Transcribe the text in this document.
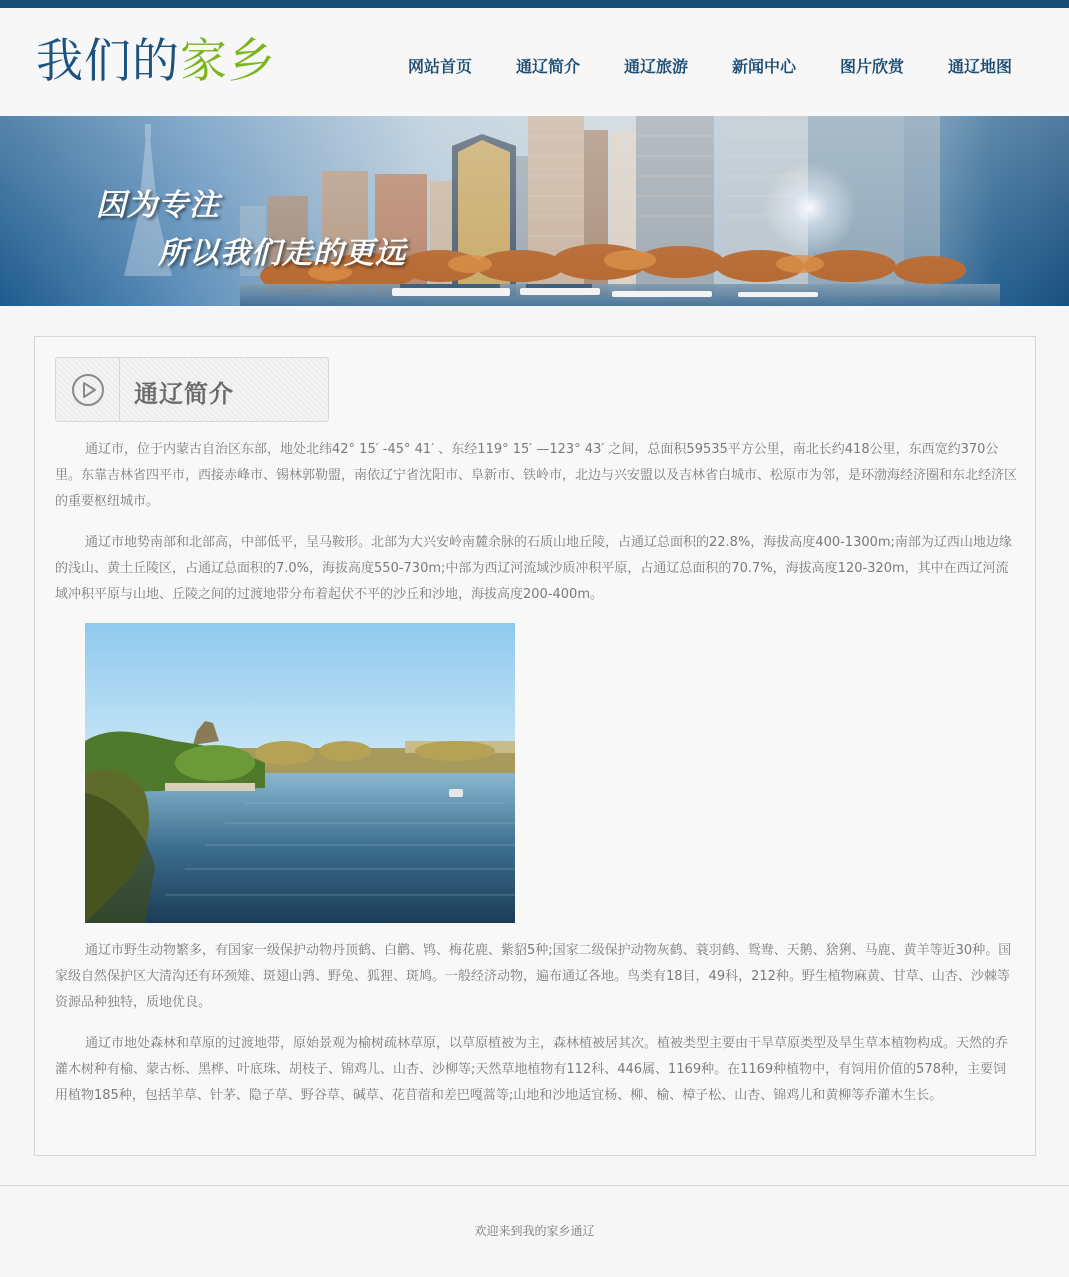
我们的家乡	网站首页	通辽简介	通辽旅游	新闻中心	图片欣赏	通辽地图
因为专注
所以我们走的更远
通辽简介

通辽市，位于内蒙古自治区东部，地处北纬42° 15′ -45° 41′ 、东经119° 15′ —123° 43′ 之间，总面积59535平方公里，南北长约418公里，东西宽约370公里。东靠吉林省四平市，西接赤峰市、锡林郭勒盟，南依辽宁省沈阳市、阜新市、铁岭市，北边与兴安盟以及吉林省白城市、松原市为邻，是环渤海经济圈和东北经济区的重要枢纽城市。

通辽市地势南部和北部高，中部低平，呈马鞍形。北部为大兴安岭南麓余脉的石质山地丘陵，占通辽总面积的22.8%，海拔高度400-1300m;南部为辽西山地边缘的浅山、黄土丘陵区，占通辽总面积的7.0%，海拔高度550-730m;中部为西辽河流域沙质冲积平原，占通辽总面积的70.7%，海拔高度120-320m，其中在西辽河流域冲积平原与山地、丘陵之间的过渡地带分布着起伏不平的沙丘和沙地，海拔高度200-400m。

通辽市野生动物繁多，有国家一级保护动物丹顶鹤、白鹳、鸨、梅花鹿、紫貂5种;国家二级保护动物灰鹤、蓑羽鹤、鸳鸯、天鹅、猞猁、马鹿、黄羊等近30种。国家级自然保护区大清沟还有环颈雉、斑翅山鹑、野兔、狐狸、斑鸠。一般经济动物，遍布通辽各地。鸟类有18目，49科，212种。野生植物麻黄、甘草、山杏、沙棘等资源品种独特，质地优良。

通辽市地处森林和草原的过渡地带，原始景观为榆树疏林草原，以草原植被为主，森林植被居其次。植被类型主要由干旱草原类型及旱生草本植物构成。天然的乔灌木树种有榆、蒙古栎、黑桦、叶底珠、胡枝子、锦鸡儿、山杏、沙柳等;天然草地植物有112科、446属、1169种。在1169种植物中，有饲用价值的578种，主要饲用植物185种，包括羊草、针茅、隐子草、野谷草、碱草、花苜蓿和差巴嘎蒿等;山地和沙地适宜杨、柳、榆、樟子松、山杏、锦鸡儿和黄柳等乔灌木生长。

欢迎来到我的家乡通辽
